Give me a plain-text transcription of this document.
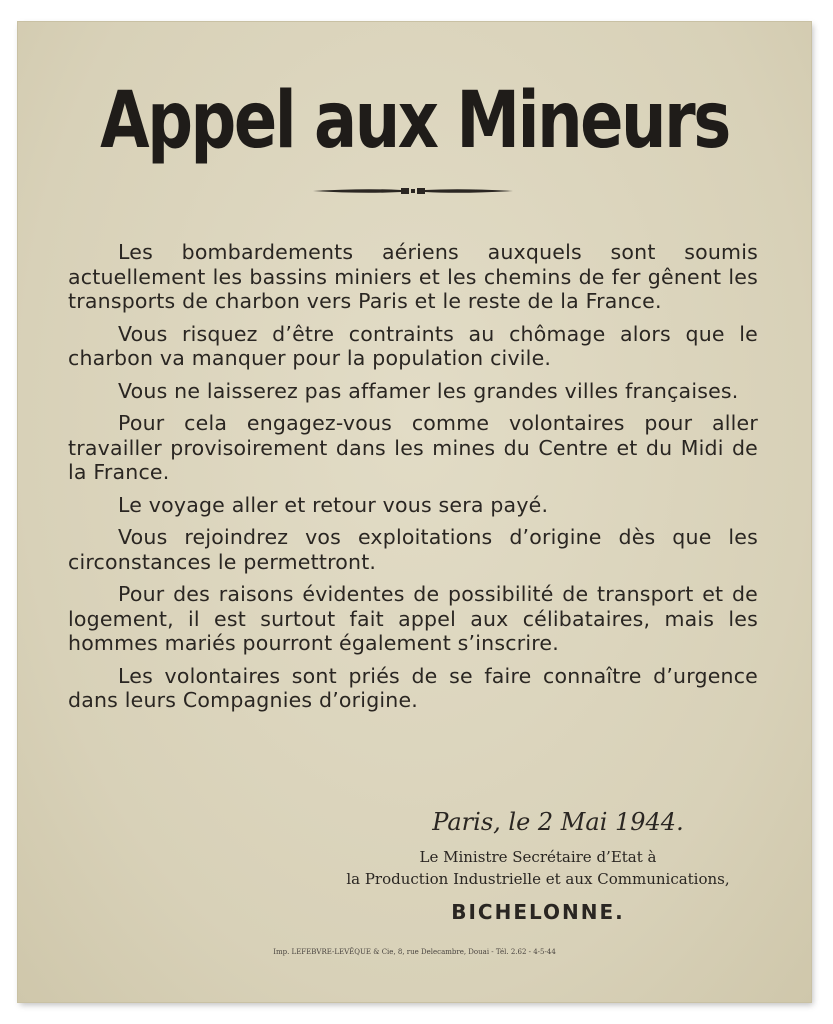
Appel aux Mineurs

Les bombardements aériens auxquels sont soumis actuellement les bassins miniers et les chemins de fer gênent les transports de charbon vers Paris et le reste de la France.

Vous risquez d’être contraints au chômage alors que le charbon va manquer pour la population civile.

Vous ne laisserez pas affamer les grandes villes françaises.

Pour cela engagez-vous comme volontaires pour aller travailler provisoirement dans les mines du Centre et du Midi de la France.

Le voyage aller et retour vous sera payé.

Vous rejoindrez vos exploitations d’origine dès que les circonstances le permettront.

Pour des raisons évidentes de possibilité de transport et de logement, il est surtout fait appel aux célibataires, mais les hommes mariés pourront également s’inscrire.

Les volontaires sont priés de se faire connaître d’urgence dans leurs Compagnies d’origine.

Paris, le 2 Mai 1944.
Le Ministre Secrétaire d’Etat à
la Production Industrielle et aux Communications,
BICHELONNE.
Imp. LEFEBVRE-LEVÊQUE & Cie, 8, rue Delecambre, Douai - Tél. 2.62 - 4-5-44
